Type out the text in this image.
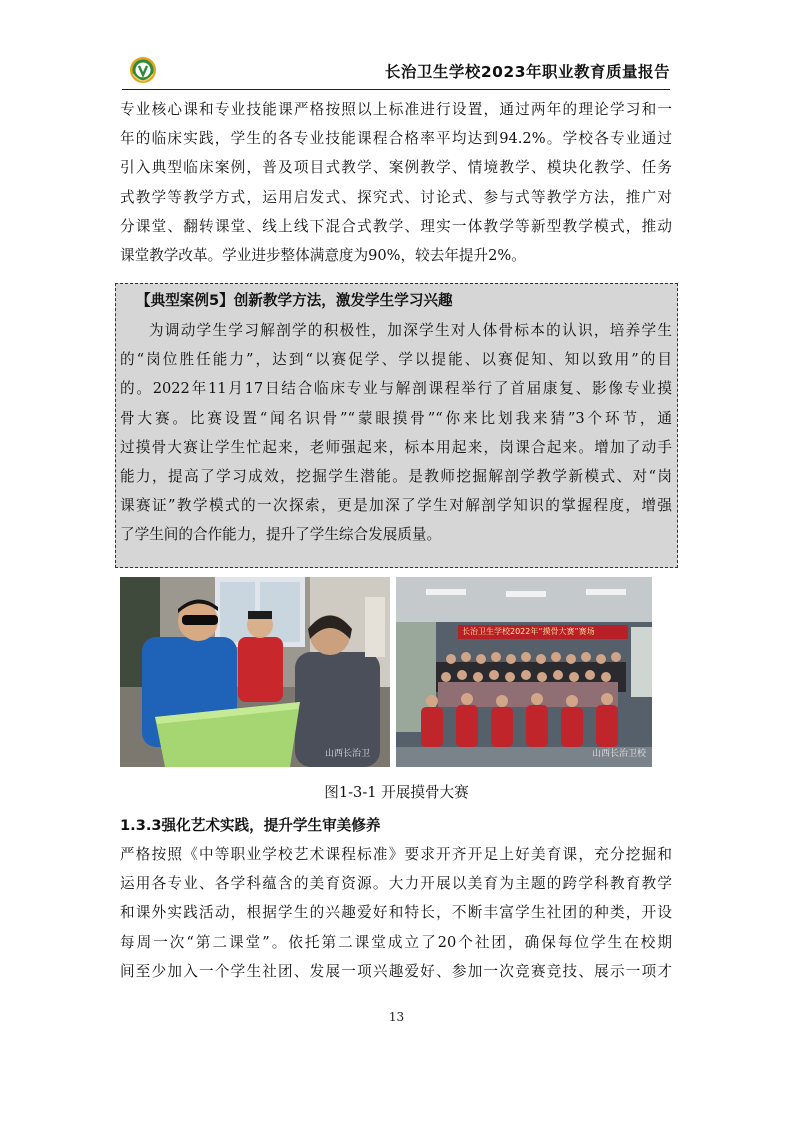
长治卫生学校2023年职业教育质量报告
专业核心课和专业技能课严格按照以上标准进行设置，通过两年的理论学习和一
年的临床实践，学生的各专业技能课程合格率平均达到94.2%。学校各专业通过
引入典型临床案例，普及项目式教学、案例教学、情境教学、模块化教学、任务
式教学等教学方式，运用启发式、探究式、讨论式、参与式等教学方法，推广对
分课堂、翻转课堂、线上线下混合式教学、理实一体教学等新型教学模式，推动
课堂教学改革。学业进步整体满意度为90%，较去年提升2%。
【典型案例5】创新教学方法，激发学生学习兴趣
为调动学生学习解剖学的积极性，加深学生对人体骨标本的认识，培养学生
的“岗位胜任能力”，达到“以赛促学、学以提能、以赛促知、知以致用”的目
的。2022年11月17日结合临床专业与解剖课程举行了首届康复、影像专业摸
骨大赛。比赛设置“闻名识骨”“蒙眼摸骨”“你来比划我来猜”3个环节，通
过摸骨大赛让学生忙起来，老师强起来，标本用起来，岗课合起来。增加了动手
能力，提高了学习成效，挖掘学生潜能。是教师挖掘解剖学教学新模式、对“岗
课赛证”教学模式的一次探索，更是加深了学生对解剖学知识的掌握程度，增强
了学生间的合作能力，提升了学生综合发展质量。
山西长治卫
长治卫生学校2022年“摸骨大赛”赛场
山西长治卫校
图1-3-1 开展摸骨大赛
1.3.3强化艺术实践，提升学生审美修养
严格按照《中等职业学校艺术课程标准》要求开齐开足上好美育课，充分挖掘和
运用各专业、各学科蕴含的美育资源。大力开展以美育为主题的跨学科教育教学
和课外实践活动，根据学生的兴趣爱好和特长，不断丰富学生社团的种类，开设
每周一次“第二课堂”。依托第二课堂成立了20个社团，确保每位学生在校期
间至少加入一个学生社团、发展一项兴趣爱好、参加一次竞赛竞技、展示一项才
13
